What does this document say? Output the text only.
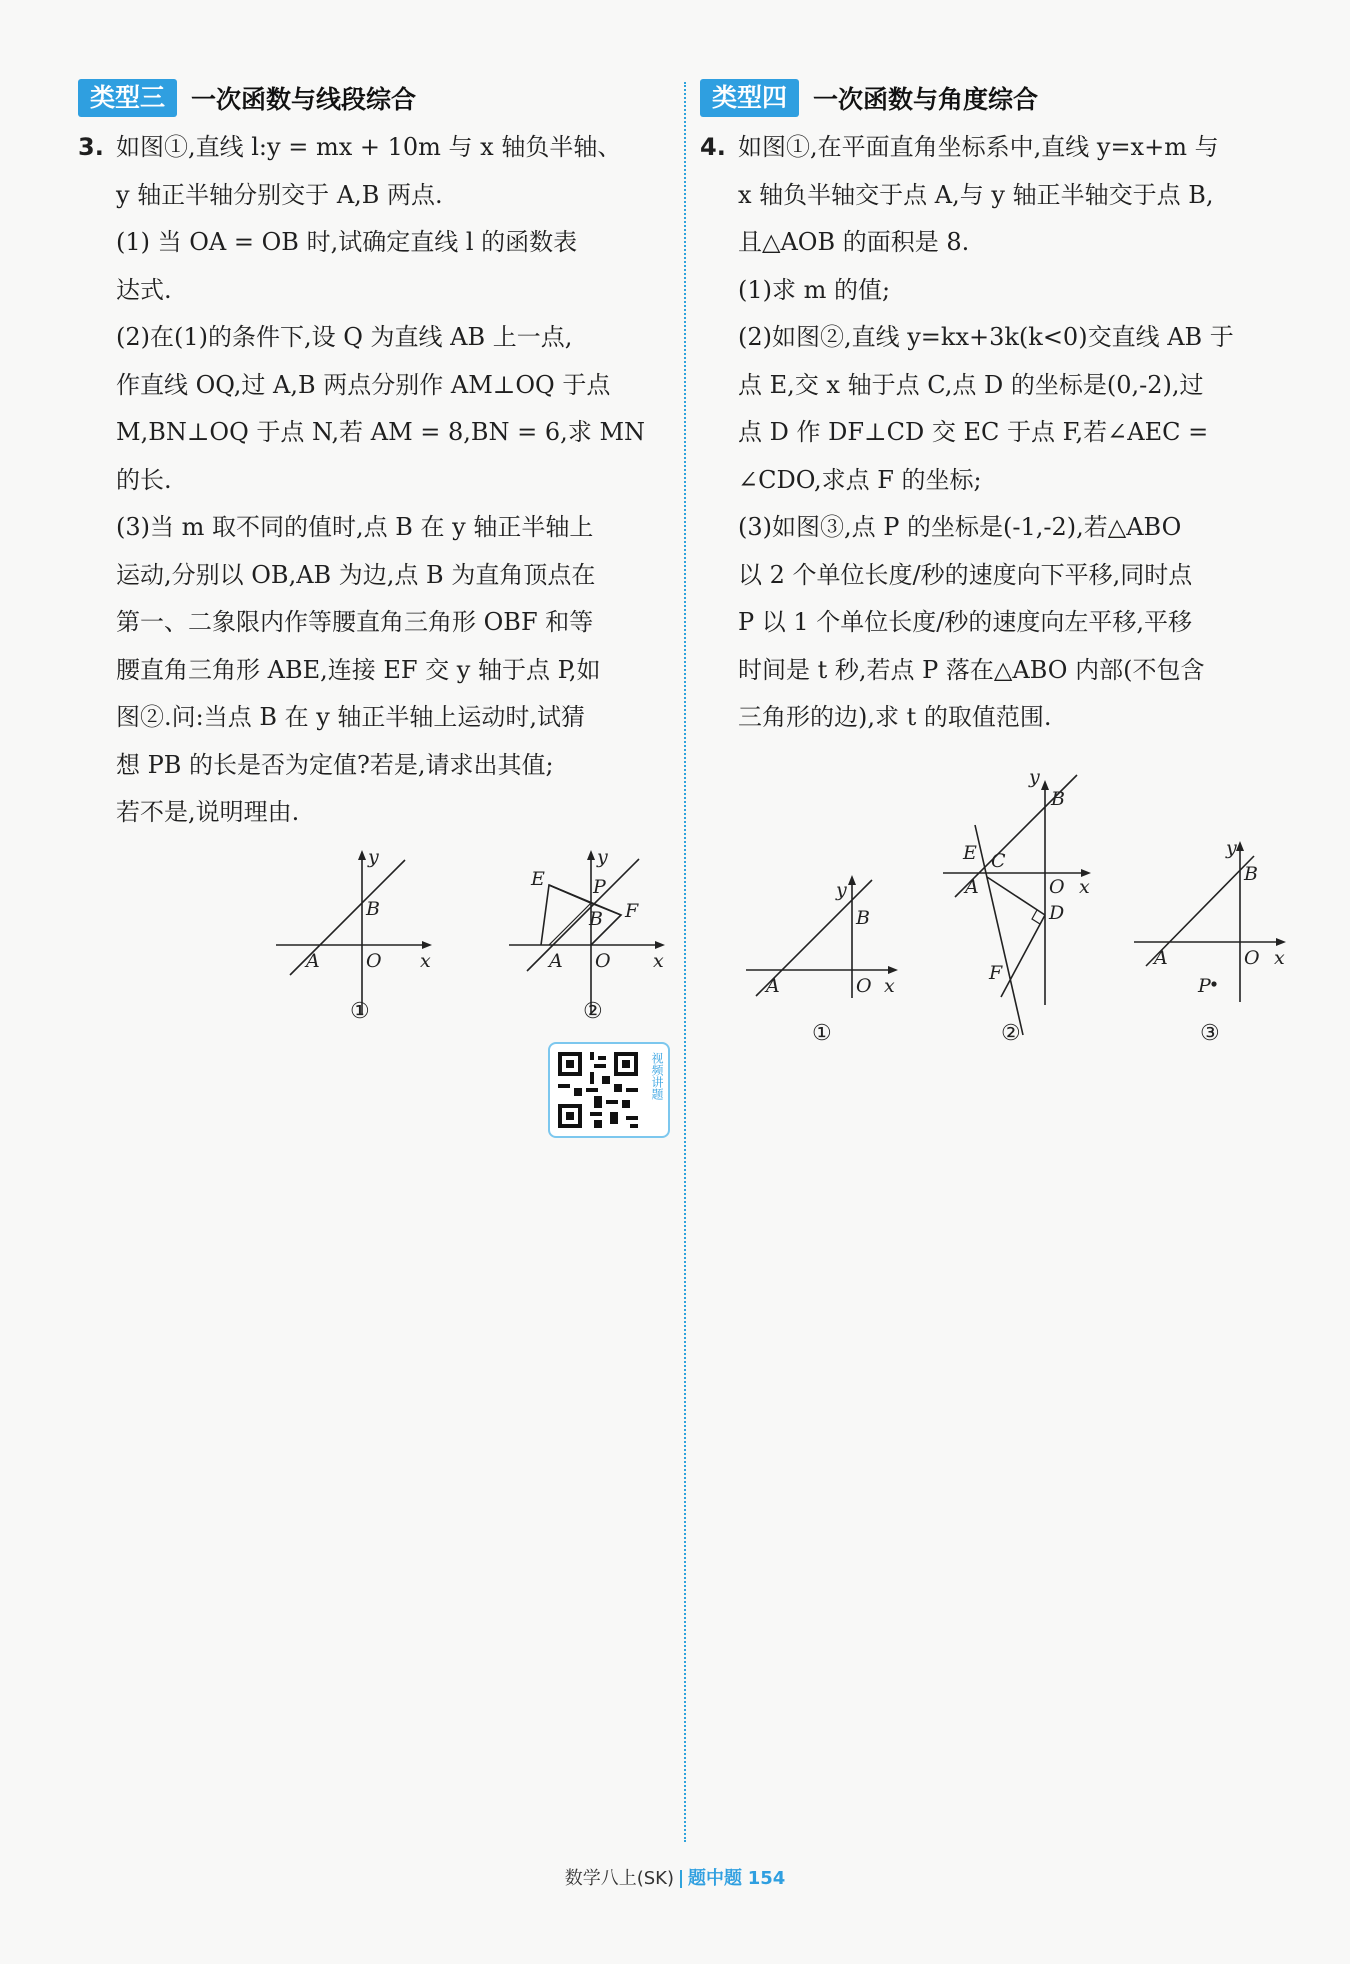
类型三	一次函数与线段综合
3. 如图①,直线 l:y = mx + 10m 与 x 轴负半轴、

y 轴正半轴分别交于 A,B 两点.

(1) 当 OA = OB 时,试确定直线 l 的函数表

达式.

(2)在(1)的条件下,设 Q 为直线 AB 上一点,

作直线 OQ,过 A,B 两点分别作 AM⊥OQ 于点

M,BN⊥OQ 于点 N,若 AM = 8,BN = 6,求 MN

的长.

(3)当 m 取不同的值时,点 B 在 y 轴正半轴上

运动,分别以 OB,AB 为边,点 B 为直角顶点在

第一、二象限内作等腰直角三角形 OBF 和等

腰直角三角形 ABE,连接 EF 交 y 轴于点 P,如

图②.问:当点 B 在 y 轴正半轴上运动时,试猜

想 PB 的长是否为定值?若是,请求出其值;

若不是,说明理由.

y
B
A O x
①
y
E	P
F
B
A O x
②
视频讲题
类型四	一次函数与角度综合
4. 如图①,在平面直角坐标系中,直线 y=x+m 与

x 轴负半轴交于点 A,与 y 轴正半轴交于点 B,

且△AOB 的面积是 8.

(1)求 m 的值;

(2)如图②,直线 y=kx+3k(k<0)交直线 AB 于

点 E,交 x 轴于点 C,点 D 的坐标是(0,-2),过

点 D 作 DF⊥CD 交 EC 于点 F,若∠AEC =

∠CDO,求点 F 的坐标;

(3)如图③,点 P 的坐标是(-1,-2),若△ABO

以 2 个单位长度/秒的速度向下平移,同时点

P 以 1 个单位长度/秒的速度向左平移,平移

时间是 t 秒,若点 P 落在△ABO 内部(不包含

三角形的边),求 t 的取值范围.

y
B
A	O x
①
y
B
E C
A	O x
D
F
②
y
B
A	O x
P
③
数学八上(SK) 题中题 154
